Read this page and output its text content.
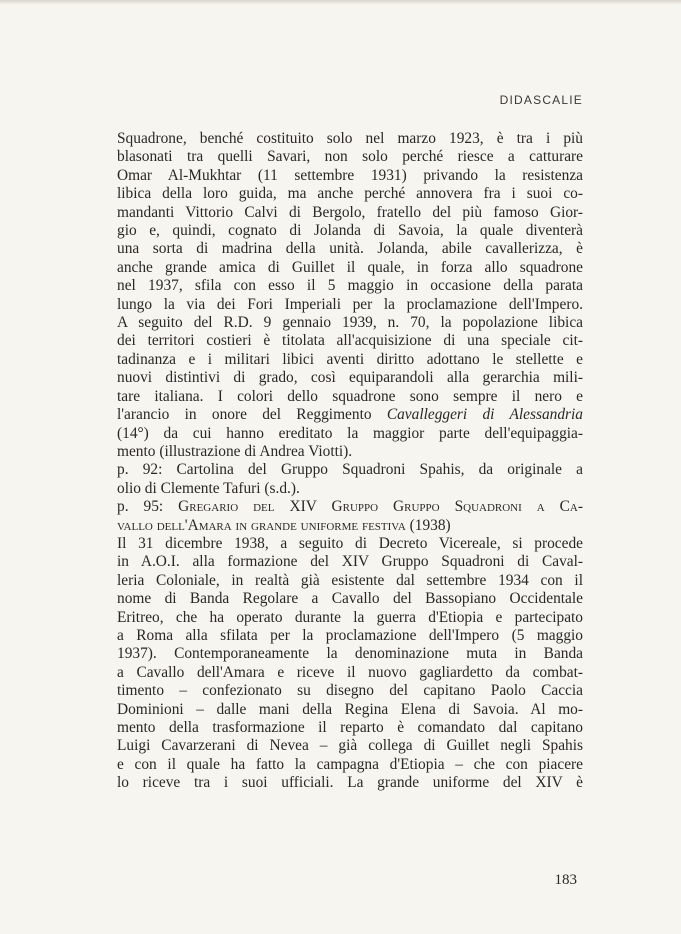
DIDASCALIE
Squadrone, benché costituito solo nel marzo 1923, è tra i più
blasonati tra quelli Savari, non solo perché riesce a catturare
Omar Al-Mukhtar (11 settembre 1931) privando la resistenza
libica della loro guida, ma anche perché annovera fra i suoi co-
mandanti Vittorio Calvi di Bergolo, fratello del più famoso Gior-
gio e, quindi, cognato di Jolanda di Savoia, la quale diventerà
una sorta di madrina della unità. Jolanda, abile cavallerizza, è
anche grande amica di Guillet il quale, in forza allo squadrone
nel 1937, sfila con esso il 5 maggio in occasione della parata
lungo la via dei Fori Imperiali per la proclamazione dell'Impero.
A seguito del R.D. 9 gennaio 1939, n. 70, la popolazione libica
dei territori costieri è titolata all'acquisizione di una speciale cit-
tadinanza e i militari libici aventi diritto adottano le stellette e
nuovi distintivi di grado, così equiparandoli alla gerarchia mili-
tare italiana. I colori dello squadrone sono sempre il nero e
l'arancio in onore del Reggimento Cavalleggeri di Alessandria
(14°) da cui hanno ereditato la maggior parte dell'equipaggia-
mento (illustrazione di Andrea Viotti).
p. 92: Cartolina del Gruppo Squadroni Spahis, da originale a
olio di Clemente Tafuri (s.d.).
p. 95: Gregario del XIV Gruppo Gruppo Squadroni a Ca-
vallo dell'Amara in grande uniforme festiva (1938)
Il 31 dicembre 1938, a seguito di Decreto Vicereale, si procede
in A.O.I. alla formazione del XIV Gruppo Squadroni di Caval-
leria Coloniale, in realtà già esistente dal settembre 1934 con il
nome di Banda Regolare a Cavallo del Bassopiano Occidentale
Eritreo, che ha operato durante la guerra d'Etiopia e partecipato
a Roma alla sfilata per la proclamazione dell'Impero (5 maggio
1937). Contemporaneamente la denominazione muta in Banda
a Cavallo dell'Amara e riceve il nuovo gagliardetto da combat-
timento – confezionato su disegno del capitano Paolo Caccia
Dominioni – dalle mani della Regina Elena di Savoia. Al mo-
mento della trasformazione il reparto è comandato dal capitano
Luigi Cavarzerani di Nevea – già collega di Guillet negli Spahis
e con il quale ha fatto la campagna d'Etiopia – che con piacere
lo riceve tra i suoi ufficiali. La grande uniforme del XIV è
183
